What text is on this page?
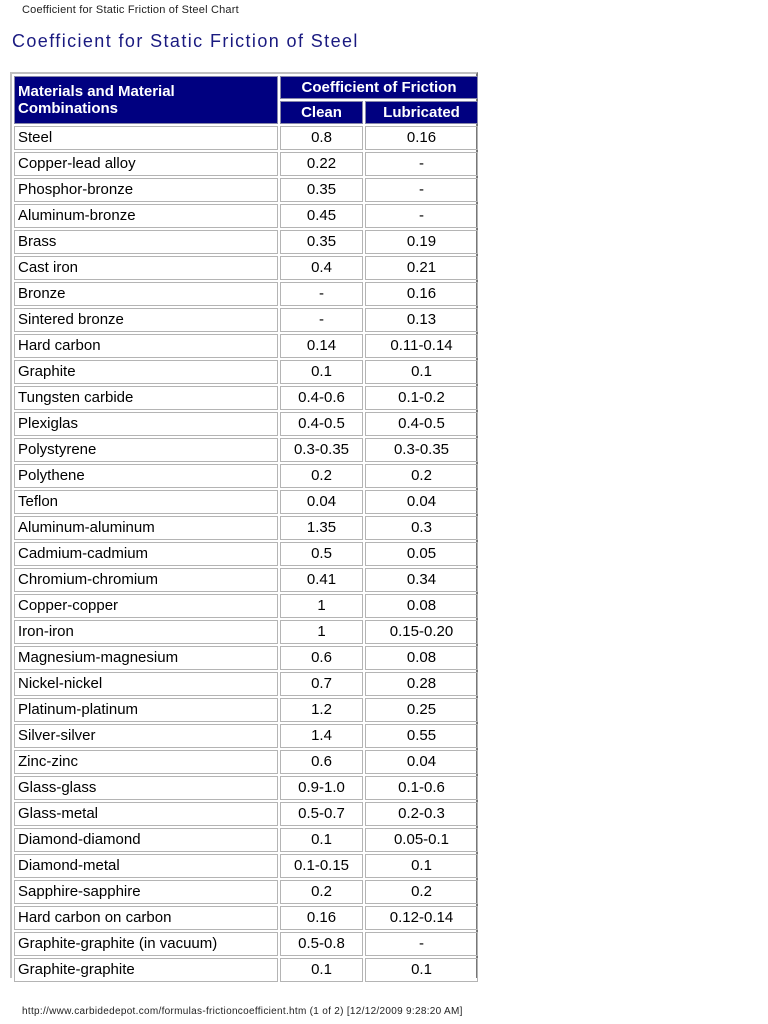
Coefficient for Static Friction of Steel Chart
Coefficient for Static Friction of Steel
Materials and Material Combinations	Coefficient of Friction	
	Clean	Lubricated
Steel	0.8	0.16
Copper-lead alloy	0.22	-
Phosphor-bronze	0.35	-
Aluminum-bronze	0.45	-
Brass	0.35	0.19
Cast iron	0.4	0.21
Bronze	-	0.16
Sintered bronze	-	0.13
Hard carbon	0.14	0.11-0.14
Graphite	0.1	0.1
Tungsten carbide	0.4-0.6	0.1-0.2
Plexiglas	0.4-0.5	0.4-0.5
Polystyrene	0.3-0.35	0.3-0.35
Polythene	0.2	0.2
Teflon	0.04	0.04
Aluminum-aluminum	1.35	0.3
Cadmium-cadmium	0.5	0.05
Chromium-chromium	0.41	0.34
Copper-copper	1	0.08
Iron-iron	1	0.15-0.20
Magnesium-magnesium	0.6	0.08
Nickel-nickel	0.7	0.28
Platinum-platinum	1.2	0.25
Silver-silver	1.4	0.55
Zinc-zinc	0.6	0.04
Glass-glass	0.9-1.0	0.1-0.6
Glass-metal	0.5-0.7	0.2-0.3
Diamond-diamond	0.1	0.05-0.1
Diamond-metal	0.1-0.15	0.1
Sapphire-sapphire	0.2	0.2
Hard carbon on carbon	0.16	0.12-0.14
Graphite-graphite (in vacuum)	0.5-0.8	-
Graphite-graphite	0.1	0.1
http://www.carbidedepot.com/formulas-frictioncoefficient.htm (1 of 2) [12/12/2009 9:28:20 AM]
